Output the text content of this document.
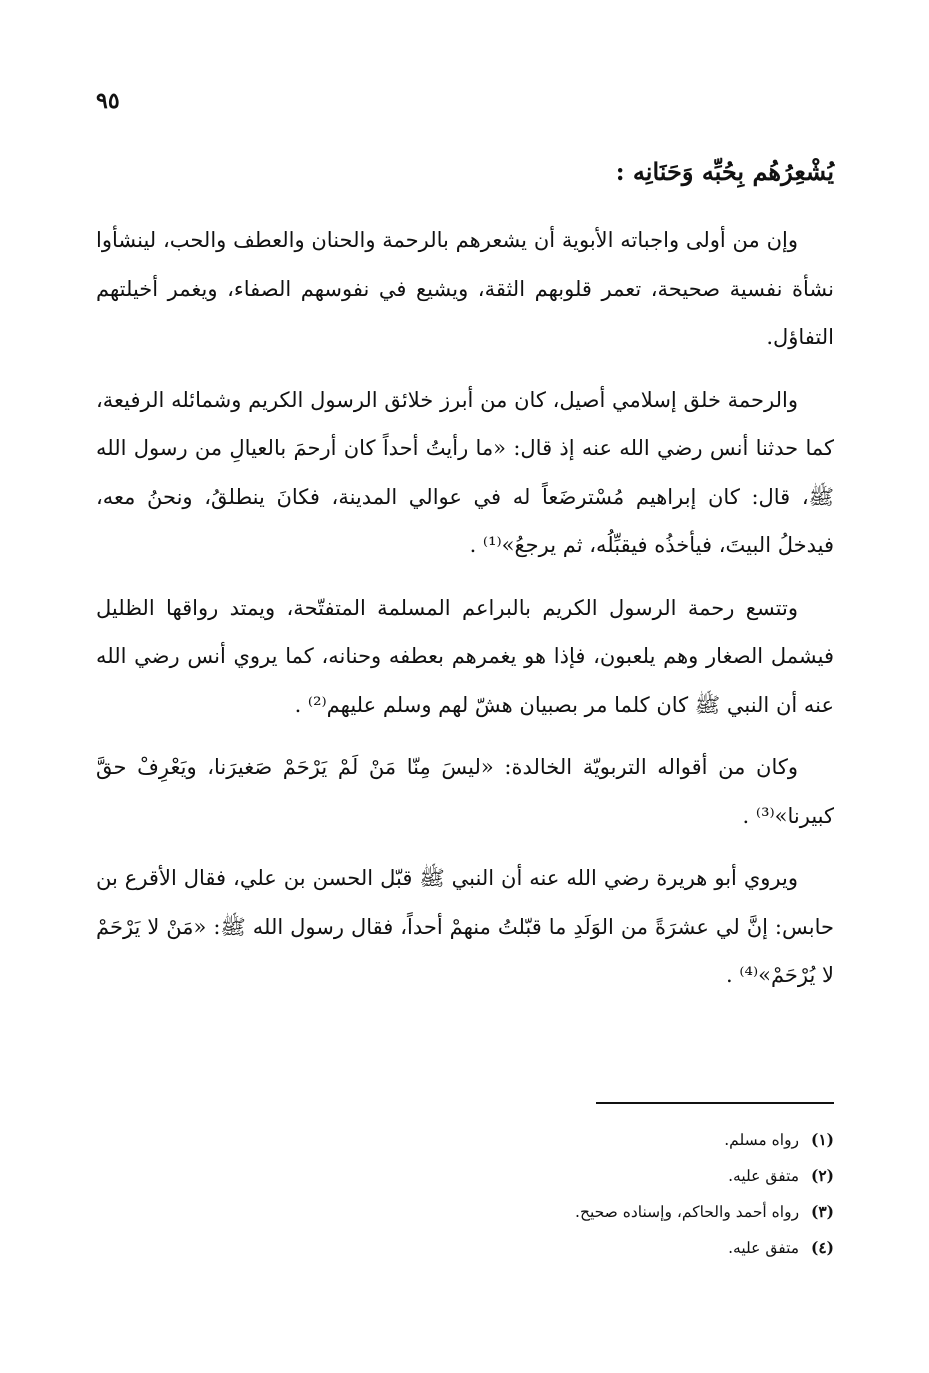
٩٥
يُشْعِرُهُم بِحُبِّه وَحَنَانِه :

وإن من أولى واجباته الأبوية أن يشعرهم بالرحمة والحنان والعطف والحب، لينشأوا نشأة نفسية صحيحة، تعمر قلوبهم الثقة، ويشيع في نفوسهم الصفاء، ويغمر أخيلتهم التفاؤل.

والرحمة خلق إسلامي أصيل، كان من أبرز خلائق الرسول الكريم وشمائله الرفيعة، كما حدثنا أنس رضي الله عنه إذ قال: «ما رأيتُ أحداً كان أرحمَ بالعيالِ من رسول الله ﷺ، قال: كان إبراهيم مُسْترضَعاً له في عوالي المدينة، فكانَ ينطلقُ، ونحنُ معه، فيدخلُ البيتَ، فيأخذُه فيقبِّلُه، ثم يرجعُ»⁽¹⁾ .

وتتسع رحمة الرسول الكريم بالبراعم المسلمة المتفتّحة، ويمتد رواقها الظليل فيشمل الصغار وهم يلعبون، فإذا هو يغمرهم بعطفه وحنانه، كما يروي أنس رضي الله عنه أن النبي ﷺ كان كلما مر بصبيان هشّ لهم وسلم عليهم⁽²⁾ .

وكان من أقواله التربويّة الخالدة: «ليسَ مِنّا مَنْ لَمْ يَرْحَمْ صَغيرَنا، ويَعْرِفْ حقَّ كبيرنا»⁽³⁾ .

ويروي أبو هريرة رضي الله عنه أن النبي ﷺ قبّل الحسن بن علي، فقال الأقرع بن حابس: إنَّ لي عشرَةً من الوَلَدِ ما قبّلتُ منهمْ أحداً، فقال رسول الله ﷺ: «مَنْ لا يَرْحَمْ لا يُرْحَمْ»⁽⁴⁾ .

(١) رواه مسلم.
(٢) متفق عليه.
(٣) رواه أحمد والحاكم، وإسناده صحيح.
(٤) متفق عليه.
